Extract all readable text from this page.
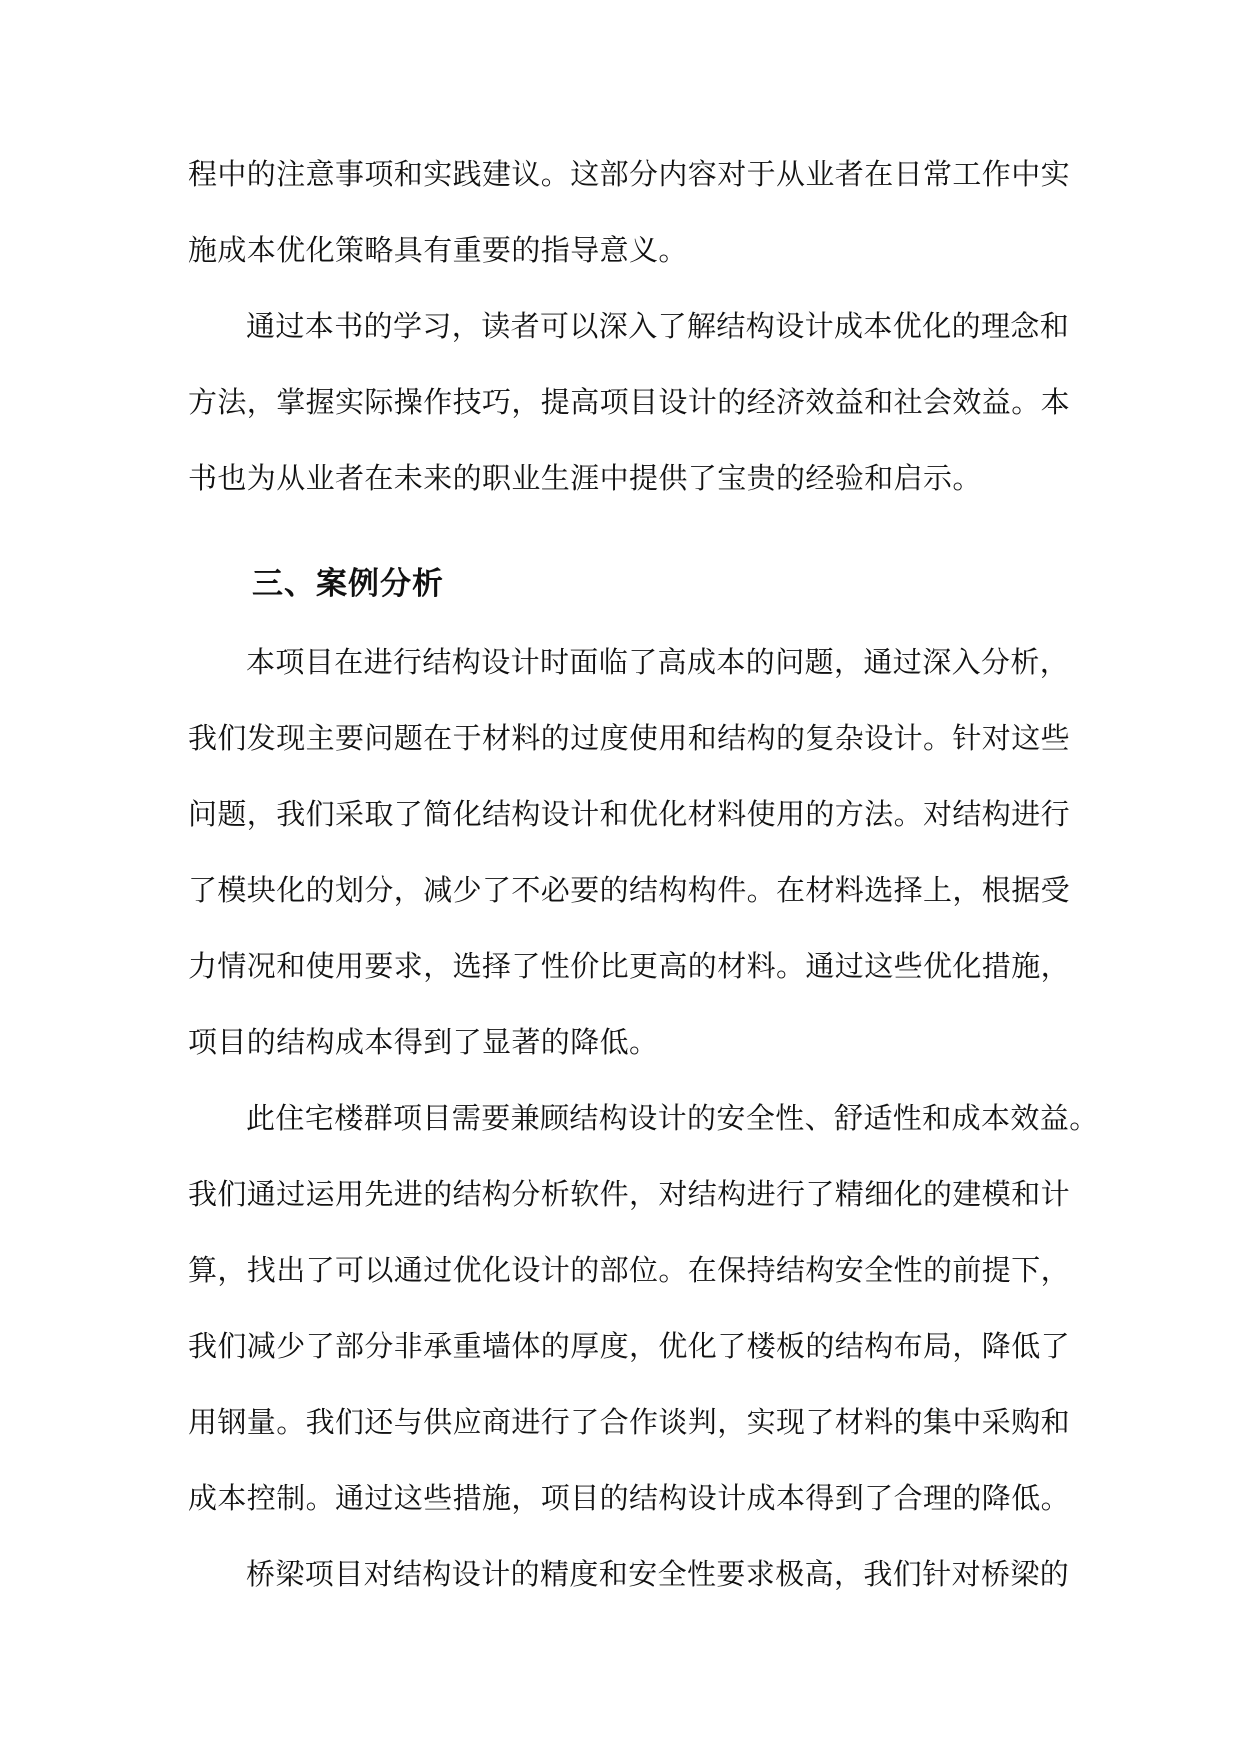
程中的注意事项和实践建议。这部分内容对于从业者在日常工作中实
施成本优化策略具有重要的指导意义。
通过本书的学习，读者可以深入了解结构设计成本优化的理念和
方法，掌握实际操作技巧，提高项目设计的经济效益和社会效益。本
书也为从业者在未来的职业生涯中提供了宝贵的经验和启示。
三、案例分析
本项目在进行结构设计时面临了高成本的问题，通过深入分析，
我们发现主要问题在于材料的过度使用和结构的复杂设计。针对这些
问题，我们采取了简化结构设计和优化材料使用的方法。对结构进行
了模块化的划分，减少了不必要的结构构件。在材料选择上，根据受
力情况和使用要求，选择了性价比更高的材料。通过这些优化措施，
项目的结构成本得到了显著的降低。
此住宅楼群项目需要兼顾结构设计的安全性、舒适性和成本效益。
我们通过运用先进的结构分析软件，对结构进行了精细化的建模和计
算，找出了可以通过优化设计的部位。在保持结构安全性的前提下，
我们减少了部分非承重墙体的厚度，优化了楼板的结构布局，降低了
用钢量。我们还与供应商进行了合作谈判，实现了材料的集中采购和
成本控制。通过这些措施，项目的结构设计成本得到了合理的降低。
桥梁项目对结构设计的精度和安全性要求极高，我们针对桥梁的
